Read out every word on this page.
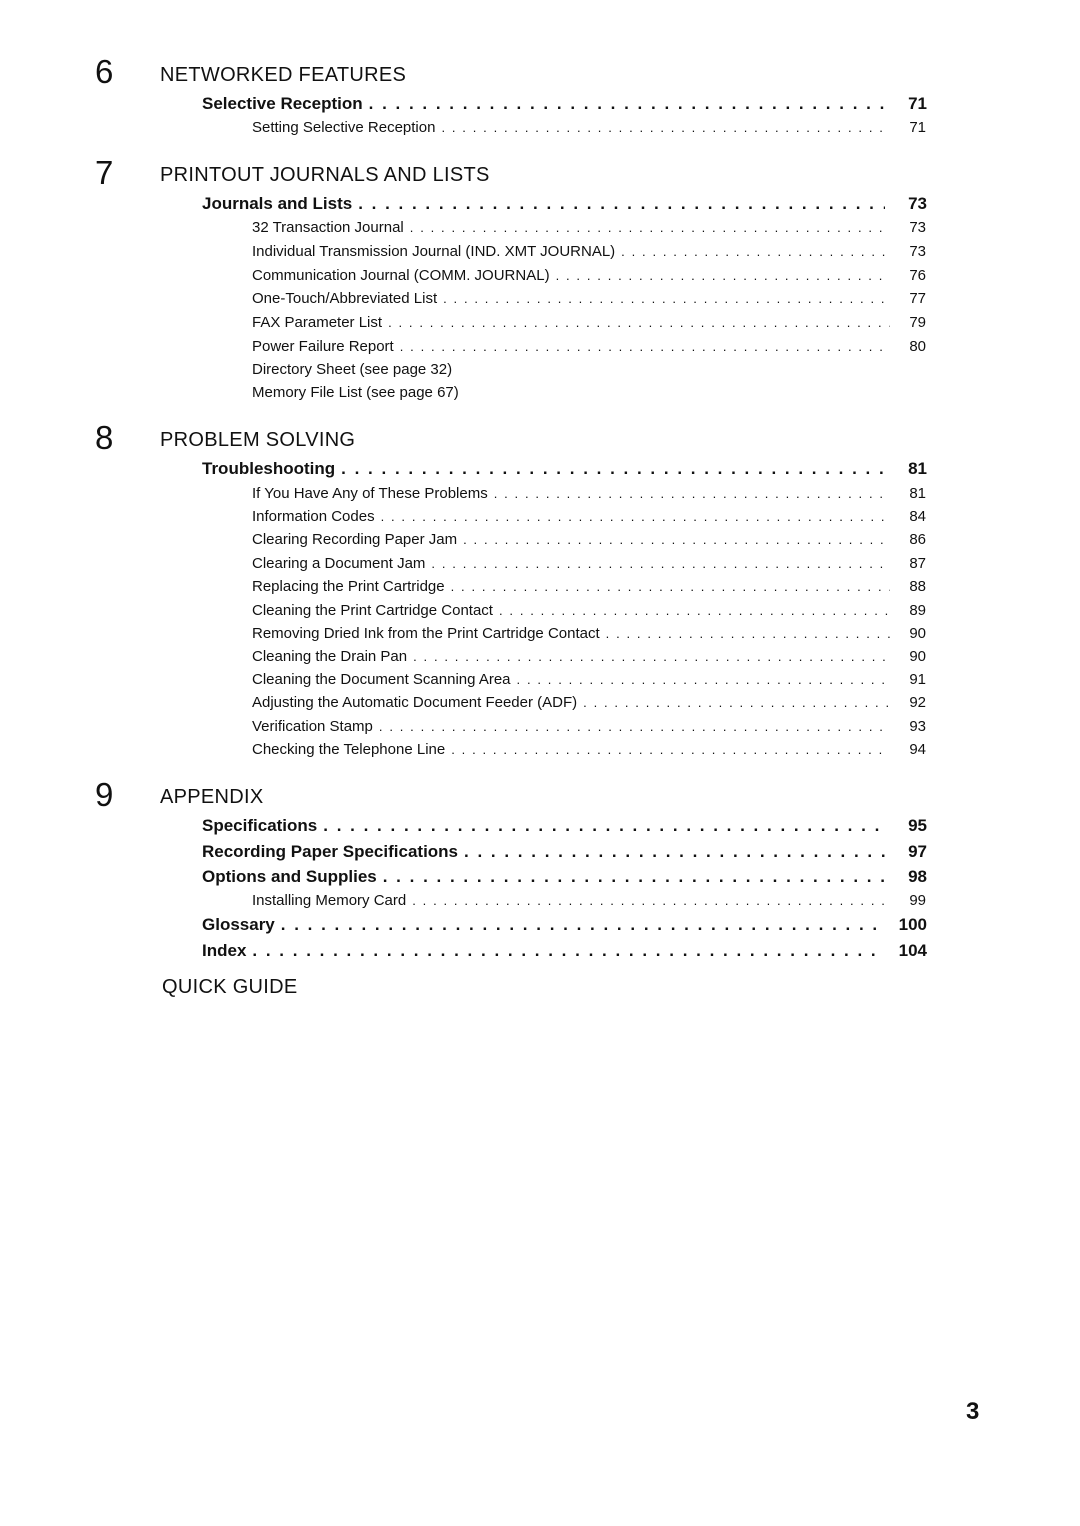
6 NETWORKED FEATURES
Selective Reception . . .	71
Setting Selective Reception . . .	71
7 PRINTOUT JOURNALS AND LISTS
Journals and Lists . . .	73
32 Transaction Journal . . .	73
Individual Transmission Journal (IND. XMT JOURNAL) . . .	73
Communication Journal (COMM. JOURNAL) . . .	76
One-Touch/Abbreviated List . . .	77
FAX Parameter List . . .	79
Power Failure Report . . .	80
Directory Sheet (see page 32)
Memory File List (see page 67)
8 PROBLEM SOLVING
Troubleshooting . . .	81
If You Have Any of These Problems . . .	81
Information Codes . . .	84
Clearing Recording Paper Jam . . .	86
Clearing a Document Jam . . .	87
Replacing the Print Cartridge . . .	88
Cleaning the Print Cartridge Contact . . .	89
Removing Dried Ink from the Print Cartridge Contact . . .	90
Cleaning the Drain Pan . . .	90
Cleaning the Document Scanning Area . . .	91
Adjusting the Automatic Document Feeder (ADF) . . .	92
Verification Stamp . . .	93
Checking the Telephone Line . . .	94
9 APPENDIX
Specifications . . .	95
Recording Paper Specifications . . .	97
Options and Supplies . . .	98
Installing Memory Card . . .	99
Glossary . . .	100
Index . . .	104
QUICK GUIDE
3
